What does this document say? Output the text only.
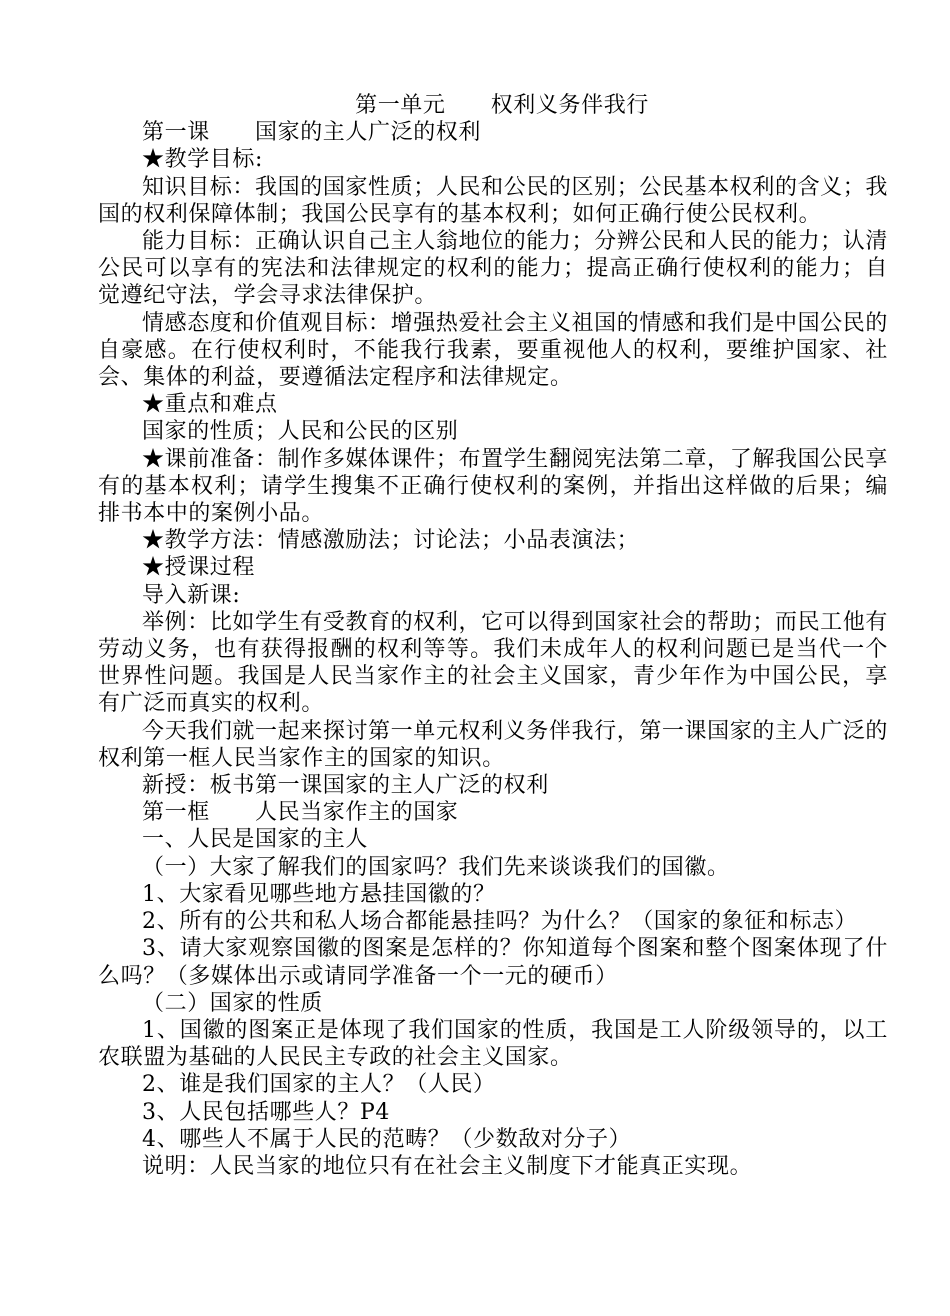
第一单元　　权利义务伴我行

第一课　　国家的主人广泛的权利

★教学目标:

知识目标：我国的国家性质；人民和公民的区别；公民基本权利的含义；我国的权利保障体制；我国公民享有的基本权利；如何正确行使公民权利。

能力目标：正确认识自己主人翁地位的能力；分辨公民和人民的能力；认清公民可以享有的宪法和法律规定的权利的能力；提高正确行使权利的能力；自觉遵纪守法，学会寻求法律保护。

情感态度和价值观目标：增强热爱社会主义祖国的情感和我们是中国公民的自豪感。在行使权利时，不能我行我素，要重视他人的权利，要维护国家、社会、集体的利益，要遵循法定程序和法律规定。

★重点和难点

国家的性质；人民和公民的区别

★课前准备：制作多媒体课件；布置学生翻阅宪法第二章，了解我国公民享有的基本权利；请学生搜集不正确行使权利的案例，并指出这样做的后果；编排书本中的案例小品。

★教学方法：情感激励法；讨论法；小品表演法；

★授课过程

导入新课:

举例：比如学生有受教育的权利，它可以得到国家社会的帮助；而民工他有劳动义务，也有获得报酬的权利等等。我们未成年人的权利问题已是当代一个世界性问题。我国是人民当家作主的社会主义国家，青少年作为中国公民，享有广泛而真实的权利。

今天我们就一起来探讨第一单元权利义务伴我行，第一课国家的主人广泛的权利第一框人民当家作主的国家的知识。

新授：板书第一课国家的主人广泛的权利

第一框　　人民当家作主的国家

一、人民是国家的主人

（一）大家了解我们的国家吗？我们先来谈谈我们的国徽。

1、大家看见哪些地方悬挂国徽的？

2、所有的公共和私人场合都能悬挂吗？为什么？（国家的象征和标志）

3、请大家观察国徽的图案是怎样的？你知道每个图案和整个图案体现了什么吗？（多媒体出示或请同学准备一个一元的硬币）

（二）国家的性质

1、国徽的图案正是体现了我们国家的性质，我国是工人阶级领导的，以工农联盟为基础的人民民主专政的社会主义国家。

2、谁是我们国家的主人？（人民）

3、人民包括哪些人？P4

4、哪些人不属于人民的范畴？（少数敌对分子）

说明：人民当家的地位只有在社会主义制度下才能真正实现。
